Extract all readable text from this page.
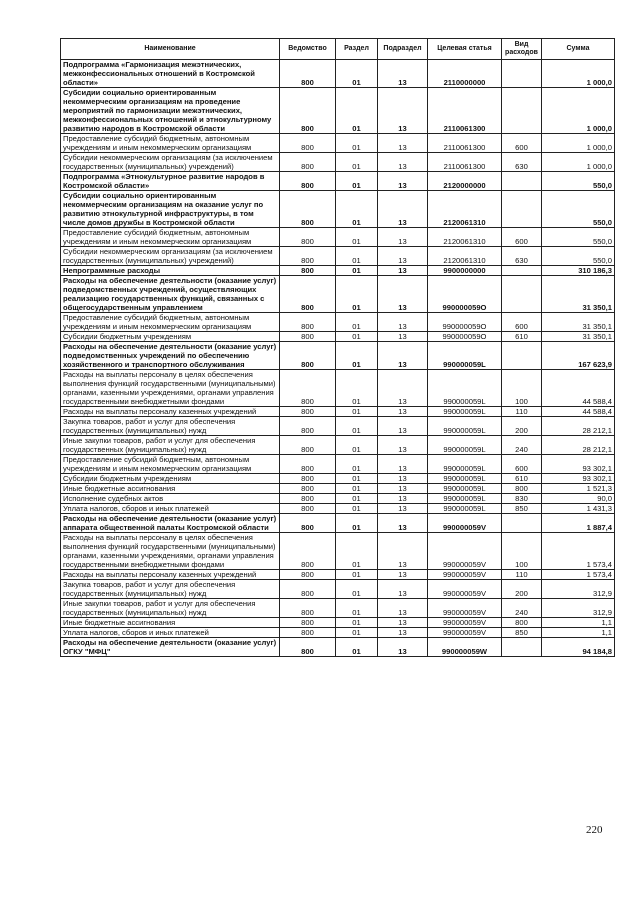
Наименование	Ведомство	Раздел	Подраздел	Целевая статья	Вид расходов	Сумма
Подпрограмма «Гармонизация межэтнических, межконфессиональных отношений в Костромской области»	800	01	13	2110000000		1 000,0
Субсидии социально ориентированным некоммерческим организациям на проведение мероприятий по гармонизации межэтнических, межконфессиональных отношений и этнокультурному развитию народов в Костромской области	800	01	13	2110061300		1 000,0
Предоставление субсидий бюджетным, автономным учреждениям и иным некоммерческим организациям	800	01	13	2110061300	600	1 000,0
Субсидии некоммерческим организациям (за исключением государственных (муниципальных) учреждений)	800	01	13	2110061300	630	1 000,0
Подпрограмма «Этнокультурное развитие народов в Костромской области»	800	01	13	2120000000		550,0
Субсидии социально ориентированным некоммерческим организациям на оказание услуг по развитию этнокультурной инфраструктуры, в том числе домов дружбы в Костромской области	800	01	13	2120061310		550,0
Предоставление субсидий бюджетным, автономным учреждениям и иным некоммерческим организациям	800	01	13	2120061310	600	550,0
Субсидии некоммерческим организациям (за исключением государственных (муниципальных) учреждений)	800	01	13	2120061310	630	550,0
Непрограммные расходы	800	01	13	9900000000		310 186,3
Расходы на обеспечение деятельности (оказание услуг) подведомственных учреждений, осуществляющих реализацию государственных функций, связанных с общегосударственным управлением	800	01	13	990000059О		31 350,1
Предоставление субсидий бюджетным, автономным учреждениям и иным некоммерческим организациям	800	01	13	990000059О	600	31 350,1
Субсидии бюджетным учреждениям	800	01	13	990000059О	610	31 350,1
Расходы на обеспечение деятельности (оказание услуг) подведомственных учреждений по обеспечению хозяйственного и транспортного обслуживания	800	01	13	990000059L		167 623,9
Расходы на выплаты персоналу в целях обеспечения выполнения функций государственными (муниципальными) органами, казенными учреждениями, органами управления государственными внебюджетными фондами	800	01	13	990000059L	100	44 588,4
Расходы на выплаты персоналу казенных учреждений	800	01	13	990000059L	110	44 588,4
Закупка товаров, работ и услуг для обеспечения государственных (муниципальных) нужд	800	01	13	990000059L	200	28 212,1
Иные закупки товаров, работ и услуг для обеспечения государственных (муниципальных) нужд	800	01	13	990000059L	240	28 212,1
Предоставление субсидий бюджетным, автономным учреждениям и иным некоммерческим организациям	800	01	13	990000059L	600	93 302,1
Субсидии бюджетным учреждениям	800	01	13	990000059L	610	93 302,1
Иные бюджетные ассигнования	800	01	13	990000059L	800	1 521,3
Исполнение судебных актов	800	01	13	990000059L	830	90,0
Уплата налогов, сборов и иных платежей	800	01	13	990000059L	850	1 431,3
Расходы на обеспечение деятельности (оказание услуг) аппарата общественной палаты Костромской области	800	01	13	990000059V		1 887,4
Расходы на выплаты персоналу в целях обеспечения выполнения функций государственными (муниципальными) органами, казенными учреждениями, органами управления государственными внебюджетными фондами	800	01	13	990000059V	100	1 573,4
Расходы на выплаты персоналу казенных учреждений	800	01	13	990000059V	110	1 573,4
Закупка товаров, работ и услуг для обеспечения государственных (муниципальных) нужд	800	01	13	990000059V	200	312,9
Иные закупки товаров, работ и услуг для обеспечения государственных (муниципальных) нужд	800	01	13	990000059V	240	312,9
Иные бюджетные ассигнования	800	01	13	990000059V	800	1,1
Уплата налогов, сборов и иных платежей	800	01	13	990000059V	850	1,1
Расходы на обеспечение деятельности (оказание услуг) ОГКУ "МФЦ"	800	01	13	990000059W		94 184,8
220
